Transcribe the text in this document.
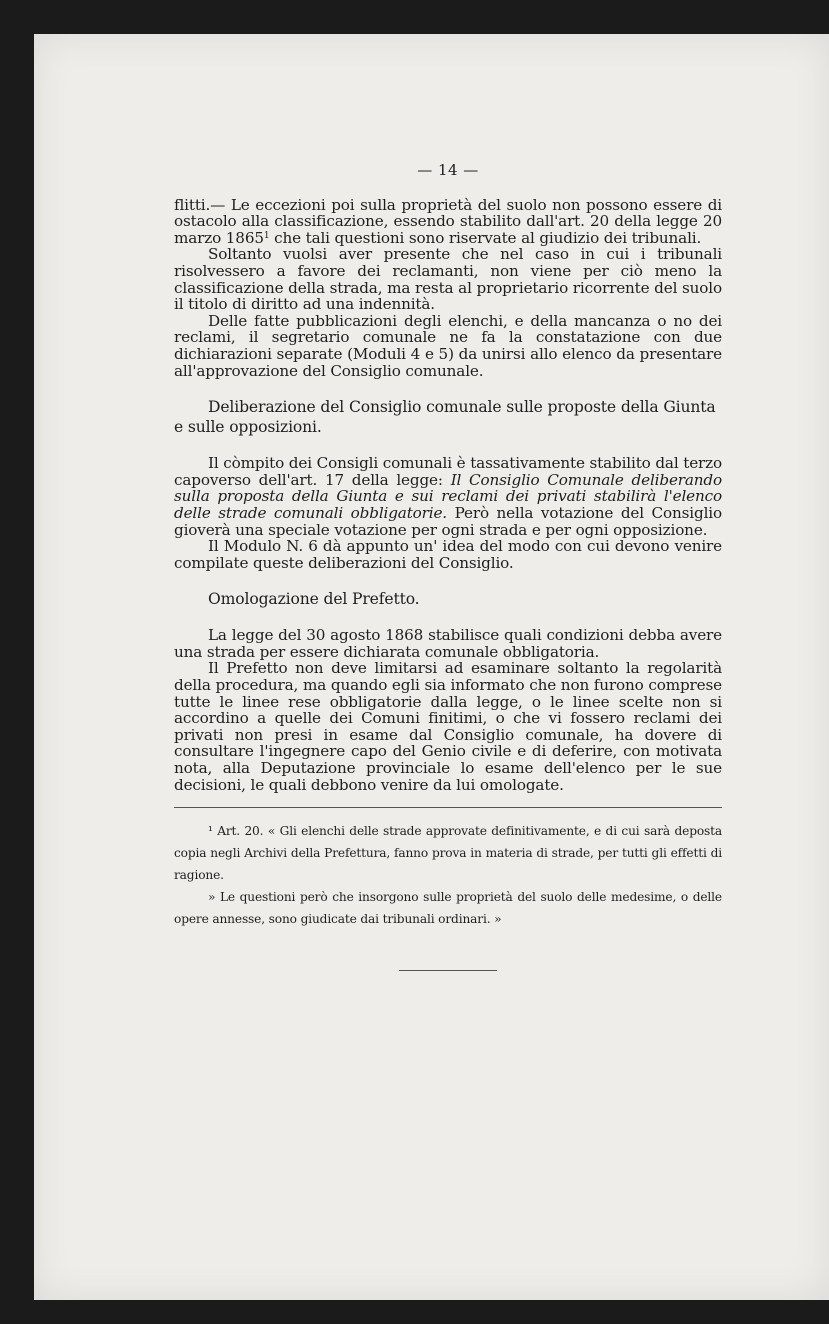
— 14 —

flitti.— Le eccezioni poi sulla proprietà del suolo non possono essere di ostacolo alla classificazione, essendo stabilito dall'art. 20 della legge 20 marzo 1865$^1$ che tali questioni sono riservate al giudizio dei tribunali.

Soltanto vuolsi aver presente che nel caso in cui i tribunali risolvessero a favore dei reclamanti, non viene per ciò meno la classificazione della strada, ma resta al proprietario ricorrente del suolo il titolo di diritto ad una indennità.

Delle fatte pubblicazioni degli elenchi, e della mancanza o no dei reclami, il segretario comunale ne fa la constatazione con due dichiarazioni separate (Moduli 4 e 5) da unirsi allo elenco da presentare all'approvazione del Consiglio comunale.

Deliberazione del Consiglio comunale sulle proposte della Giunta e sulle opposizioni.

Il còmpito dei Consigli comunali è tassativamente stabilito dal terzo capoverso dell'art. 17 della legge: Il Consiglio Comunale deliberando sulla proposta della Giunta e sui reclami dei privati stabilirà l'elenco delle strade comunali obbligatorie. Però nella votazione del Consiglio gioverà una speciale votazione per ogni strada e per ogni opposizione.

Il Modulo N. 6 dà appunto un' idea del modo con cui devono venire compilate queste deliberazioni del Consiglio.

Omologazione del Prefetto.

La legge del 30 agosto 1868 stabilisce quali condizioni debba avere una strada per essere dichiarata comunale obbligatoria.

Il Prefetto non deve limitarsi ad esaminare soltanto la regolarità della procedura, ma quando egli sia informato che non furono comprese tutte le linee rese obbligatorie dalla legge, o le linee scelte non si accordino a quelle dei Comuni finitimi, o che vi fossero reclami dei privati non presi in esame dal Consiglio comunale, ha dovere di consultare l'ingegnere capo del Genio civile e di deferire, con motivata nota, alla Deputazione provinciale lo esame dell'elenco per le sue decisioni, le quali debbono venire da lui omologate.

¹ Art. 20. « Gli elenchi delle strade approvate definitivamente, e di cui sarà deposta copia negli Archivi della Prefettura, fanno prova in materia di strade, per tutti gli effetti di ragione.

» Le questioni però che insorgono sulle proprietà del suolo delle medesime, o delle opere annesse, sono giudicate dai tribunali ordinari. »
